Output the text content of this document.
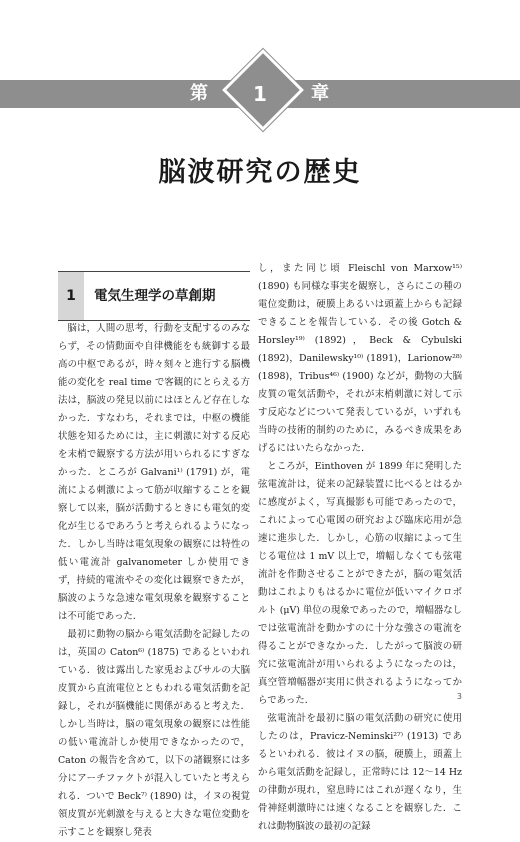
第 1 章
脳波研究の歴史
1	電気生理学の草創期

脳は，人間の思考，行動を支配するのみならず，その情動面や自律機能をも統御する最高の中枢であるが，時々刻々と進行する脳機能の変化を real time で客観的にとらえる方法は，脳波の発見以前にはほとんど存在しなかった．すなわち，それまでは，中枢の機能状態を知るためには，主に刺激に対する反応を末梢で観察する方法が用いられるにすぎなかった．ところが Galvani¹⁾ (1791) が，電流による刺激によって筋が収縮することを観察して以来，脳が活動するときにも電気的変化が生じるであろうと考えられるようになった．しかし当時は電気現象の観察には特性の低い電流計 galvanometer しか使用できず，持続的電流やその変化は観察できたが，脳波のような急速な電気現象を観察することは不可能であった．

最初に動物の脳から電気活動を記録したのは，英国の Caton⁶⁾ (1875) であるといわれている．彼は露出した家兎およびサルの大脳皮質から直流電位とともわれる電気活動を記録し，それが脳機能に関係があると考えた．しかし当時は，脳の電気現象の観察には性能の低い電流計しか使用できなかったので，Caton の報告を含めて，以下の諸観察には多分にアーチファクトが混入していたと考えられる．ついで Beck⁷⁾ (1890) は，イヌの視覚領皮質が光刺激を与えると大きな電位変動を示すことを観察し発表

し，また同じ頃 Fleischl von Marxow¹⁵⁾ (1890) も同様な事実を観察し，さらにこの種の電位変動は，硬膜上あるいは頭蓋上からも記録できることを報告している．その後 Gotch & Horsley¹⁹⁾ (1892)，Beck & Cybulski (1892)，Danilewsky¹⁰⁾ (1891)，Larionow²⁸⁾ (1898)，Tribus⁴⁶⁾ (1900) などが，動物の大脳皮質の電気活動や，それが末梢刺激に対して示す反応などについて発表しているが，いずれも当時の技術的制約のために，みるべき成果をあげるにはいたらなかった．

ところが，Einthoven が 1899 年に発明した弦電流計は，従来の記録装置に比べるとはるかに感度がよく，写真撮影も可能であったので，これによって心電図の研究および臨床応用が急速に進歩した．しかし，心筋の収縮によって生じる電位は 1 mV 以上で，増幅しなくても弦電流計を作動させることができたが，脳の電気活動はこれよりもはるかに電位が低いマイクロボルト (μV) 単位の現象であったので，増幅器なしでは弦電流計を動かすのに十分な強さの電流を得ることができなかった．したがって脳波の研究に弦電流計が用いられるようになったのは，真空管増幅器が実用に供されるようになってからであった．

弦電流計を最初に脳の電気活動の研究に使用したのは，Pravicz-Neminski²⁷⁾ (1913) であるといわれる．彼はイヌの脳，硬膜上，頭蓋上から電気活動を記録し，正常時には 12～14 Hz の律動が現れ，窒息時にはこれが遅くなり，生骨神経刺激時には速くなることを観察した．これは動物脳波の最初の記録

3
